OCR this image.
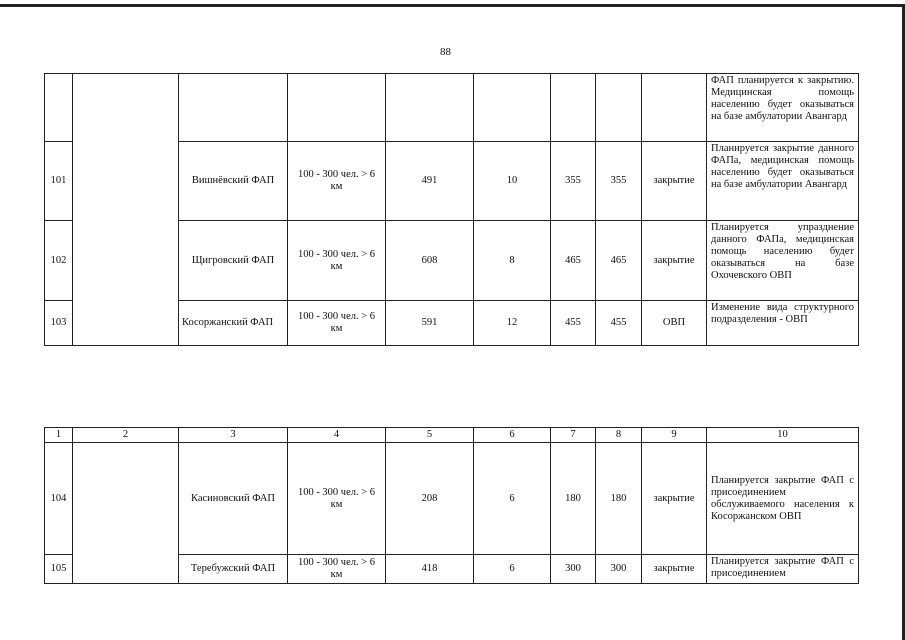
88
									ФАП планируется к закрытию. Медицинская помощь населению будет оказываться на базе амбулатории Авангард
101		Вишнёвский ФАП	100 - 300 чел. > 6 км	491	10	355	355	закрытие	Планируется закрытие данного ФАПа, медицинская помощь населению будет оказываться на базе амбулатории Авангард
102		Щигровский ФАП	100 - 300 чел. > 6 км	608	8	465	465	закрытие	Планируется упразднение данного ФАПа, медицинская помощь населению будет оказываться на базе Охочевского ОВП
103		Косоржанский ФАП	100 - 300 чел. > 6 км	591	12	455	455	ОВП	Изменение вида структурного подразделения - ОВП
1	2	3	4	5	6	7	8	9	10
104		Касиновский ФАП	100 - 300 чел. > 6 км	208	6	180	180	закрытие	Планируется закрытие ФАП с присоединением обслуживаемого населения к Косоржанском ОВП
105		Теребужский ФАП	100 - 300 чел. > 6 км	418	6	300	300	закрытие	Планируется закрытие ФАП с присоединением
